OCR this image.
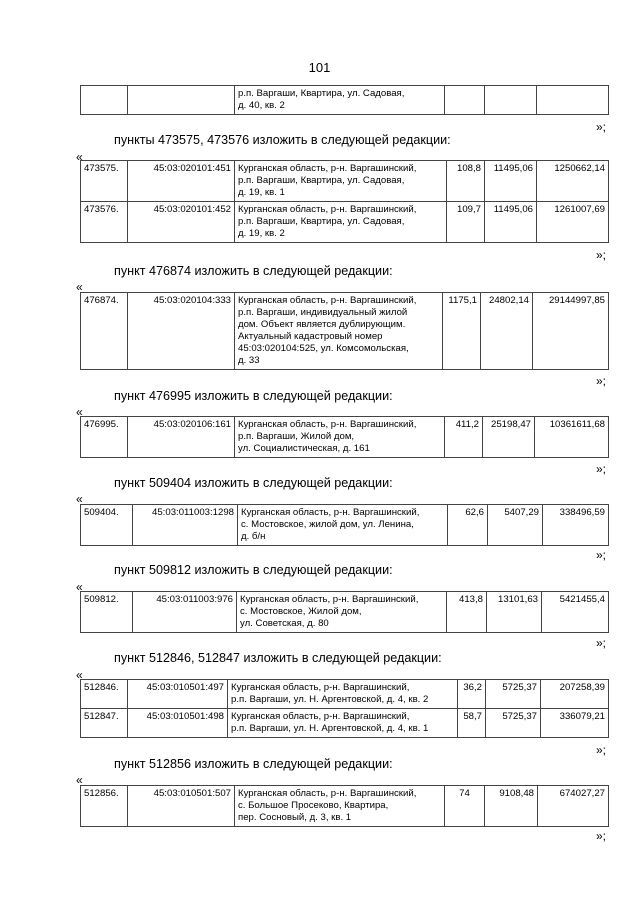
101
		р.п. Варгаши, Квартира, ул. Садовая,
д. 40, кв. 2			
»;
пункты 473575, 473576 изложить в следующей редакции:
«
473575.	45:03:020101:451	Курганская область, р-н. Варгашинский,
р.п. Варгаши, Квартира, ул. Садовая,
д. 19, кв. 1	108,8	11495,06	1250662,14
473576.	45:03:020101:452	Курганская область, р-н. Варгашинский,
р.п. Варгаши, Квартира, ул. Садовая,
д. 19, кв. 2	109,7	11495,06	1261007,69
»;
пункт 476874 изложить в следующей редакции:
«
476874.	45:03:020104:333	Курганская область, р-н. Варгашинский,
р.п. Варгаши, индивидуальный жилой
дом. Объект является дублирующим.
Актуальный кадастровый номер
45:03:020104:525, ул. Комсомольская,
д. 33	1175,1	24802,14	29144997,85
»;
пункт 476995 изложить в следующей редакции:
«
476995.	45:03:020106:161	Курганская область, р-н. Варгашинский,
р.п. Варгаши, Жилой дом,
ул. Социалистическая, д. 161	411,2	25198,47	10361611,68
»;
пункт 509404 изложить в следующей редакции:
«
509404.	45:03:011003:1298	Курганская область, р-н. Варгашинский,
с. Мостовское, жилой дом, ул. Ленина,
д. б/н	62,6	5407,29	338496,59
»;
пункт 509812 изложить в следующей редакции:
«
509812.	45:03:011003:976	Курганская область, р-н. Варгашинский,
с. Мостовское, Жилой дом,
ул. Советская, д. 80	413,8	13101,63	5421455,4
»;
пункт 512846, 512847 изложить в следующей редакции:
«
512846.	45:03:010501:497	Курганская область, р-н. Варгашинский,
р.п. Варгаши, ул. Н. Аргентовской, д. 4, кв. 2	36,2	5725,37	207258,39
512847.	45:03:010501:498	Курганская область, р-н. Варгашинский,
р.п. Варгаши, ул. Н. Аргентовской, д. 4, кв. 1	58,7	5725,37	336079,21
»;
пункт 512856 изложить в следующей редакции:
«
512856.	45:03:010501:507	Курганская область, р-н. Варгашинский,
с. Большое Просеково, Квартира,
пер. Сосновый, д. 3, кв. 1	74	9108,48	674027,27
»;
